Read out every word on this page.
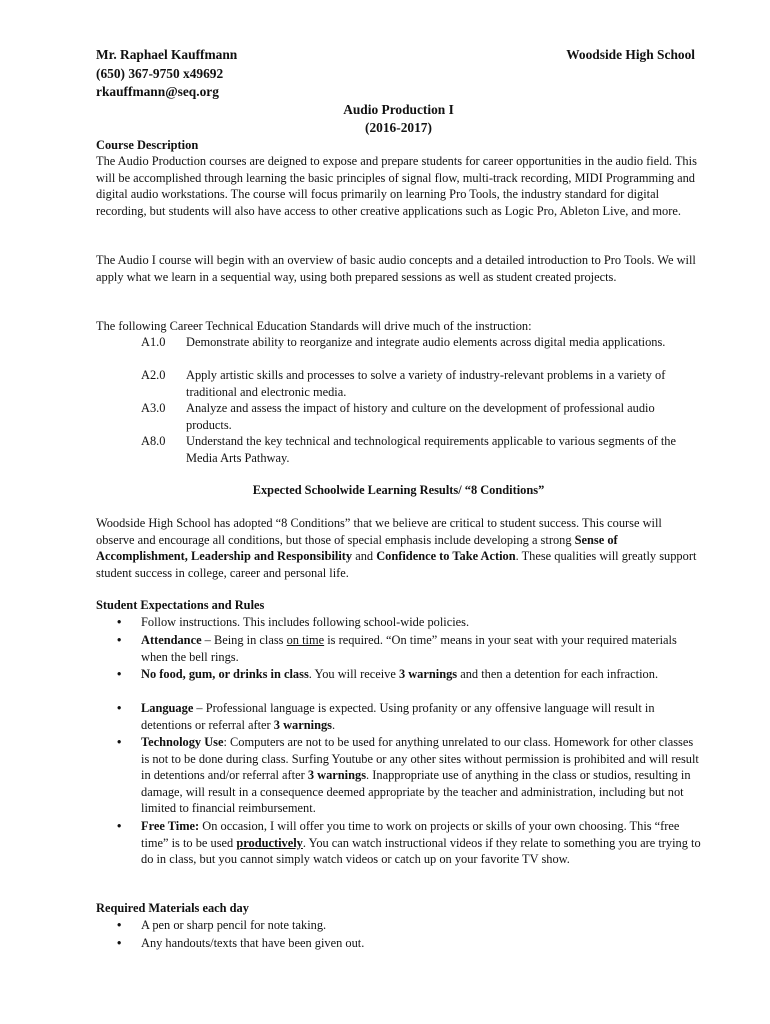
Mr. Raphael Kauffmann
(650) 367-9750 x49692
rkauffmann@seq.org
Woodside High School
Audio Production I
(2016-2017)
Course Description
The Audio Production courses are deigned to expose and prepare students for career opportunities in the audio field. This will be accomplished through learning the basic principles of signal flow, multi-track recording, MIDI Programming and digital audio workstations. The course will focus primarily on learning Pro Tools, the industry standard for digital recording, but students will also have access to other creative applications such as Logic Pro, Ableton Live, and more.
The Audio I course will begin with an overview of basic audio concepts and a detailed introduction to Pro Tools. We will apply what we learn in a sequential way, using both prepared sessions as well as student created projects.
The following Career Technical Education Standards will drive much of the instruction:
A1.0 Demonstrate ability to reorganize and integrate audio elements across digital media applications.
A2.0 Apply artistic skills and processes to solve a variety of industry-relevant problems in a variety of traditional and electronic media.
A3.0 Analyze and assess the impact of history and culture on the development of professional audio products.
A8.0 Understand the key technical and technological requirements applicable to various segments of the Media Arts Pathway.
Expected Schoolwide Learning Results/ “8 Conditions”
Woodside High School has adopted “8 Conditions” that we believe are critical to student success. This course will observe and encourage all conditions, but those of special emphasis include developing a strong Sense of Accomplishment, Leadership and Responsibility and Confidence to Take Action. These qualities will greatly support student success in college, career and personal life.
Student Expectations and Rules
• Follow instructions. This includes following school-wide policies.
• Attendance – Being in class on time is required. “On time” means in your seat with your required materials when the bell rings.
• No food, gum, or drinks in class. You will receive 3 warnings and then a detention for each infraction.
• Language – Professional language is expected. Using profanity or any offensive language will result in detentions or referral after 3 warnings.
• Technology Use: Computers are not to be used for anything unrelated to our class. Homework for other classes is not to be done during class. Surfing Youtube or any other sites without permission is prohibited and will result in detentions and/or referral after 3 warnings. Inappropriate use of anything in the class or studios, resulting in damage, will result in a consequence deemed appropriate by the teacher and administration, including but not limited to financial reimbursement.
• Free Time: On occasion, I will offer you time to work on projects or skills of your own choosing. This “free time” is to be used productively. You can watch instructional videos if they relate to something you are trying to do in class, but you cannot simply watch videos or catch up on your favorite TV show.
Required Materials each day
• A pen or sharp pencil for note taking.
• Any handouts/texts that have been given out.
